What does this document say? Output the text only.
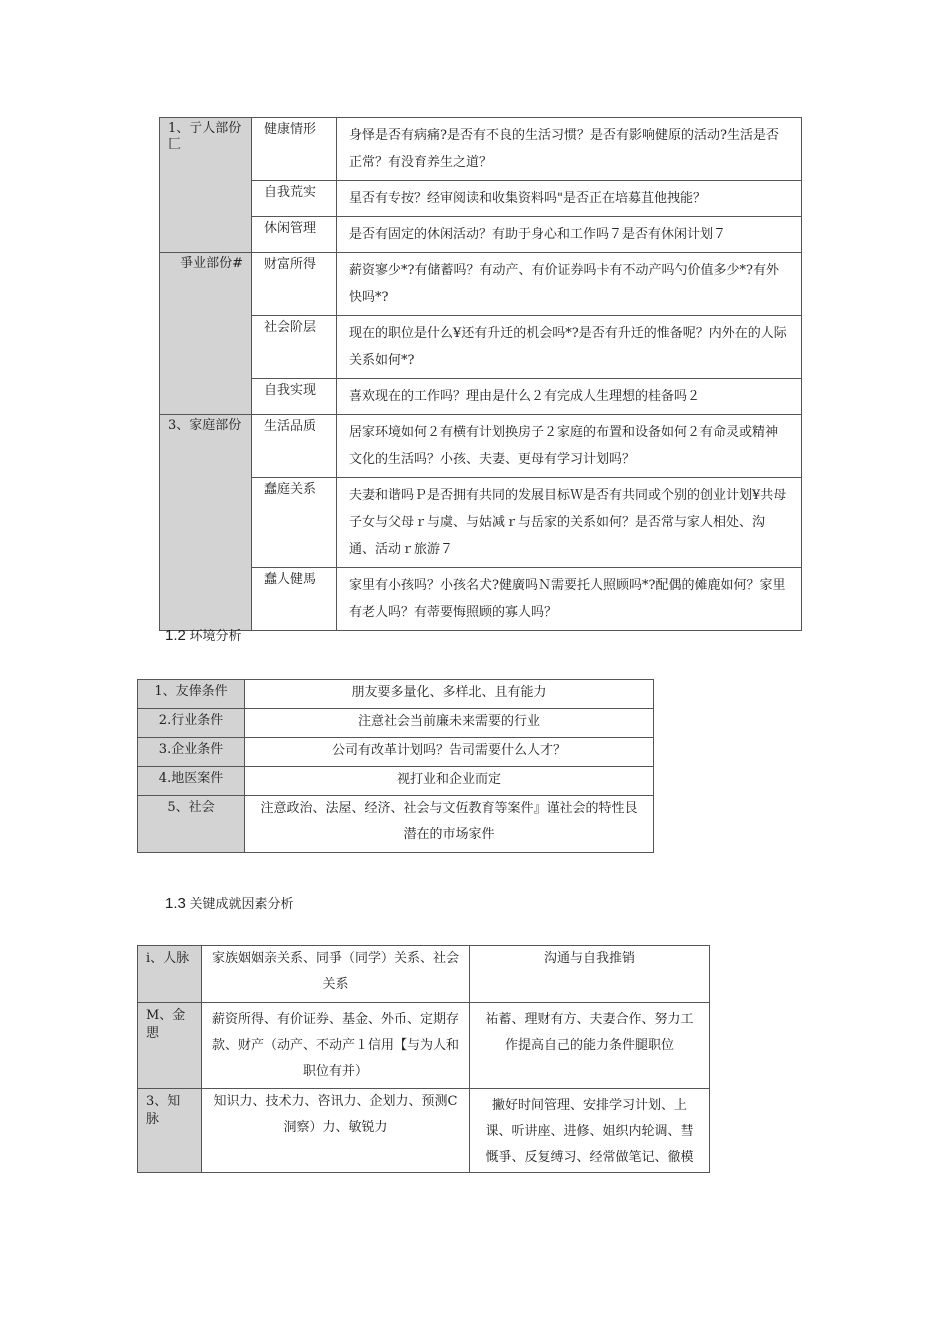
1、亍人部份匚	健康情形	身怿是否有病痛?是否有不良的生活习惯？是否有影响健原的活动?生活是否正常？有没育养生之道？
	自我荒实	星否有专按？经审阅读和收集资料吗"是否正在培募苴他拽能？
	休闲管理	是否有固定的休闲活动？有助于身心和工作吗７是否有休闲计划７
爭业部份#	财富所得	薪资寥少*?有储蓄吗？有动产、有价证券吗卡有不动产吗勺价值多少*?有外快吗*?
	社会阶层	现在的职位是什么¥还有升迁的机会吗*?是否有升迁的惟备呢？内外在的人际关系如何*?
	自我实现	喜欢现在的工作吗？理由是什么２有完成人生理想的桂备吗２
3、家庭部份	生活品质	居家环境如何２有横有计划换房子２家庭的布置和设备如何２有命灵或精神文化的生活吗？小孩、夫妻、更母有学习计划吗？
	蠢庭关系	夫妻和谐吗Ｐ是否拥有共同的发展目标Ｗ是否有共同或个别的创业计划¥共母子女与父母ｒ与虞、与姑减ｒ与岳家的关系如何？是否常与家人相处、沟通、活动ｒ旅游７
	蠢人健馬	家里有小孩吗？小孩名犬?健廣吗Ｎ需要托人照顾吗*?配偶的傩鹿如何？家里有老人吗？有蒂要悔照顾的寡人吗？
1.2 环境分析
1、友俸条件	朋友要多量化、多样北、且有能力
2.行业条件	注意社会当前廉未来需要的行业
3.企业条件	公司有改革计划吗？告司需要什么人才？
4.地医案件	视打业和企业而定
5、社会	注意政治、法屋、经济、社会与文仾教育等案件』谨社会的特性艮潜在的市场家件
1.3 关键成就因素分析
i、人脉	家族姻姻亲关系、同爭（同学）关系、社会关系	沟通与自我推销
M、金愳	薪资所得、有价证券、基金、外币、定期存款、财产（动产、不动产１信用【与为人和职位有并）	祐蓄、理财有方、夫妻合作、努力工作提高自己的能力条件腿职位
3、知脉	知识力、技术力、咨讯力、企划力、预测C洞察）力、敏锐力	撇好时间管理、安排学习计划、上课、听讲座、进修、姐织内轮调、彗慨爭、反复缚习、经常做笔记、徹模
